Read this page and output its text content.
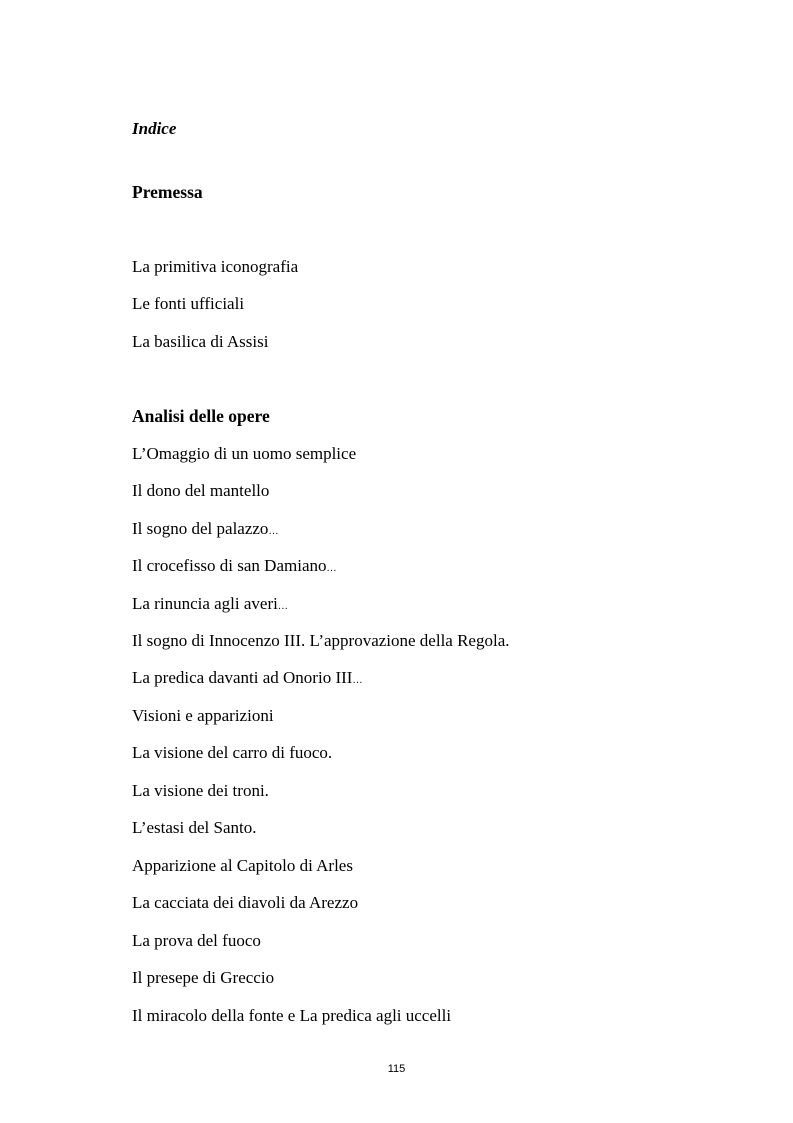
Indice
Premessa
La primitiva iconografia
Le fonti ufficiali
La basilica di Assisi
Analisi delle opere
L’Omaggio di un uomo semplice
Il dono del mantello
Il sogno del palazzo…
Il crocefisso di san Damiano…
La rinuncia agli averi…
Il sogno di Innocenzo III. L’approvazione della Regola.
La predica davanti ad Onorio III…
Visioni e apparizioni
La visione del carro di fuoco.
La visione dei troni.
L’estasi del Santo.
Apparizione al Capitolo di Arles
La cacciata dei diavoli da Arezzo
La prova del fuoco
Il presepe di Greccio
Il miracolo della fonte e La predica agli uccelli
115
